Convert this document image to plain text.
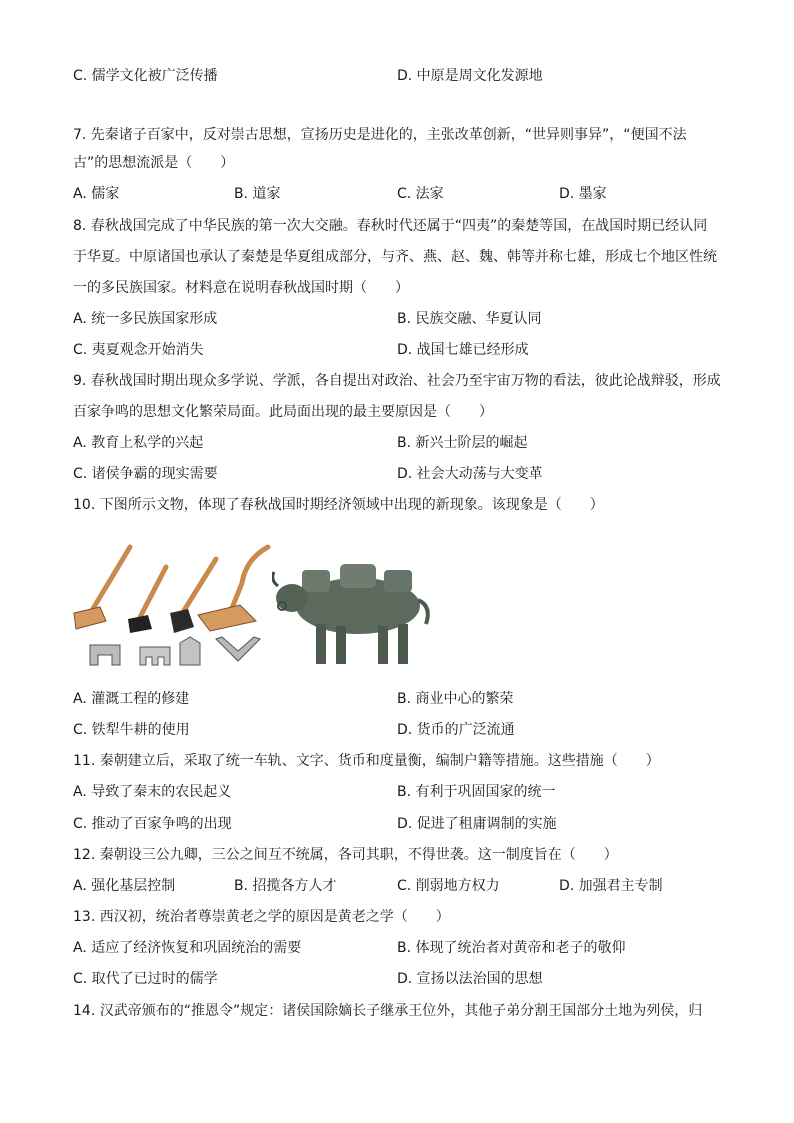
C. 儒学文化被广泛传播	D. 中原是周文化发源地
7. 先秦诸子百家中，反对崇古思想，宣扬历史是进化的，主张改革创新，“世异则事异”，“便国不法
古”的思想流派是（　　）
A. 儒家	B. 道家	C. 法家	D. 墨家
8. 春秋战国完成了中华民族的第一次大交融。春秋时代还属于“四夷”的秦楚等国，在战国时期已经认同
于华夏。中原诸国也承认了秦楚是华夏组成部分，与齐、燕、赵、魏、韩等并称七雄，形成七个地区性统
一的多民族国家。材料意在说明春秋战国时期（　　）
A. 统一多民族国家形成	B. 民族交融、华夏认同
C. 夷夏观念开始消失	D. 战国七雄已经形成
9. 春秋战国时期出现众多学说、学派，各自提出对政治、社会乃至宇宙万物的看法，彼此论战辩驳，形成
百家争鸣的思想文化繁荣局面。此局面出现的最主要原因是（　　）
A. 教育上私学的兴起	B. 新兴士阶层的崛起
C. 诸侯争霸的现实需要	D. 社会大动荡与大变革
10. 下图所示文物，体现了春秋战国时期经济领域中出现的新现象。该现象是（　　）
A. 灌溉工程的修建	B. 商业中心的繁荣
C. 铁犁牛耕的使用	D. 货币的广泛流通
11. 秦朝建立后，采取了统一车轨、文字、货币和度量衡，编制户籍等措施。这些措施（　　）
A. 导致了秦末的农民起义	B. 有利于巩固国家的统一
C. 推动了百家争鸣的出现	D. 促进了租庸调制的实施
12. 秦朝设三公九卿，三公之间互不统属，各司其职，不得世袭。这一制度旨在（　　）
A. 强化基层控制	B. 招揽各方人才	C. 削弱地方权力	D. 加强君主专制
13. 西汉初，统治者尊崇黄老之学的原因是黄老之学（　　）
A. 适应了经济恢复和巩固统治的需要	B. 体现了统治者对黄帝和老子的敬仰
C. 取代了已过时的儒学	D. 宣扬以法治国的思想
14. 汉武帝颁布的“推恩令”规定：诸侯国除嫡长子继承王位外，其他子弟分割王国部分土地为列侯，归
